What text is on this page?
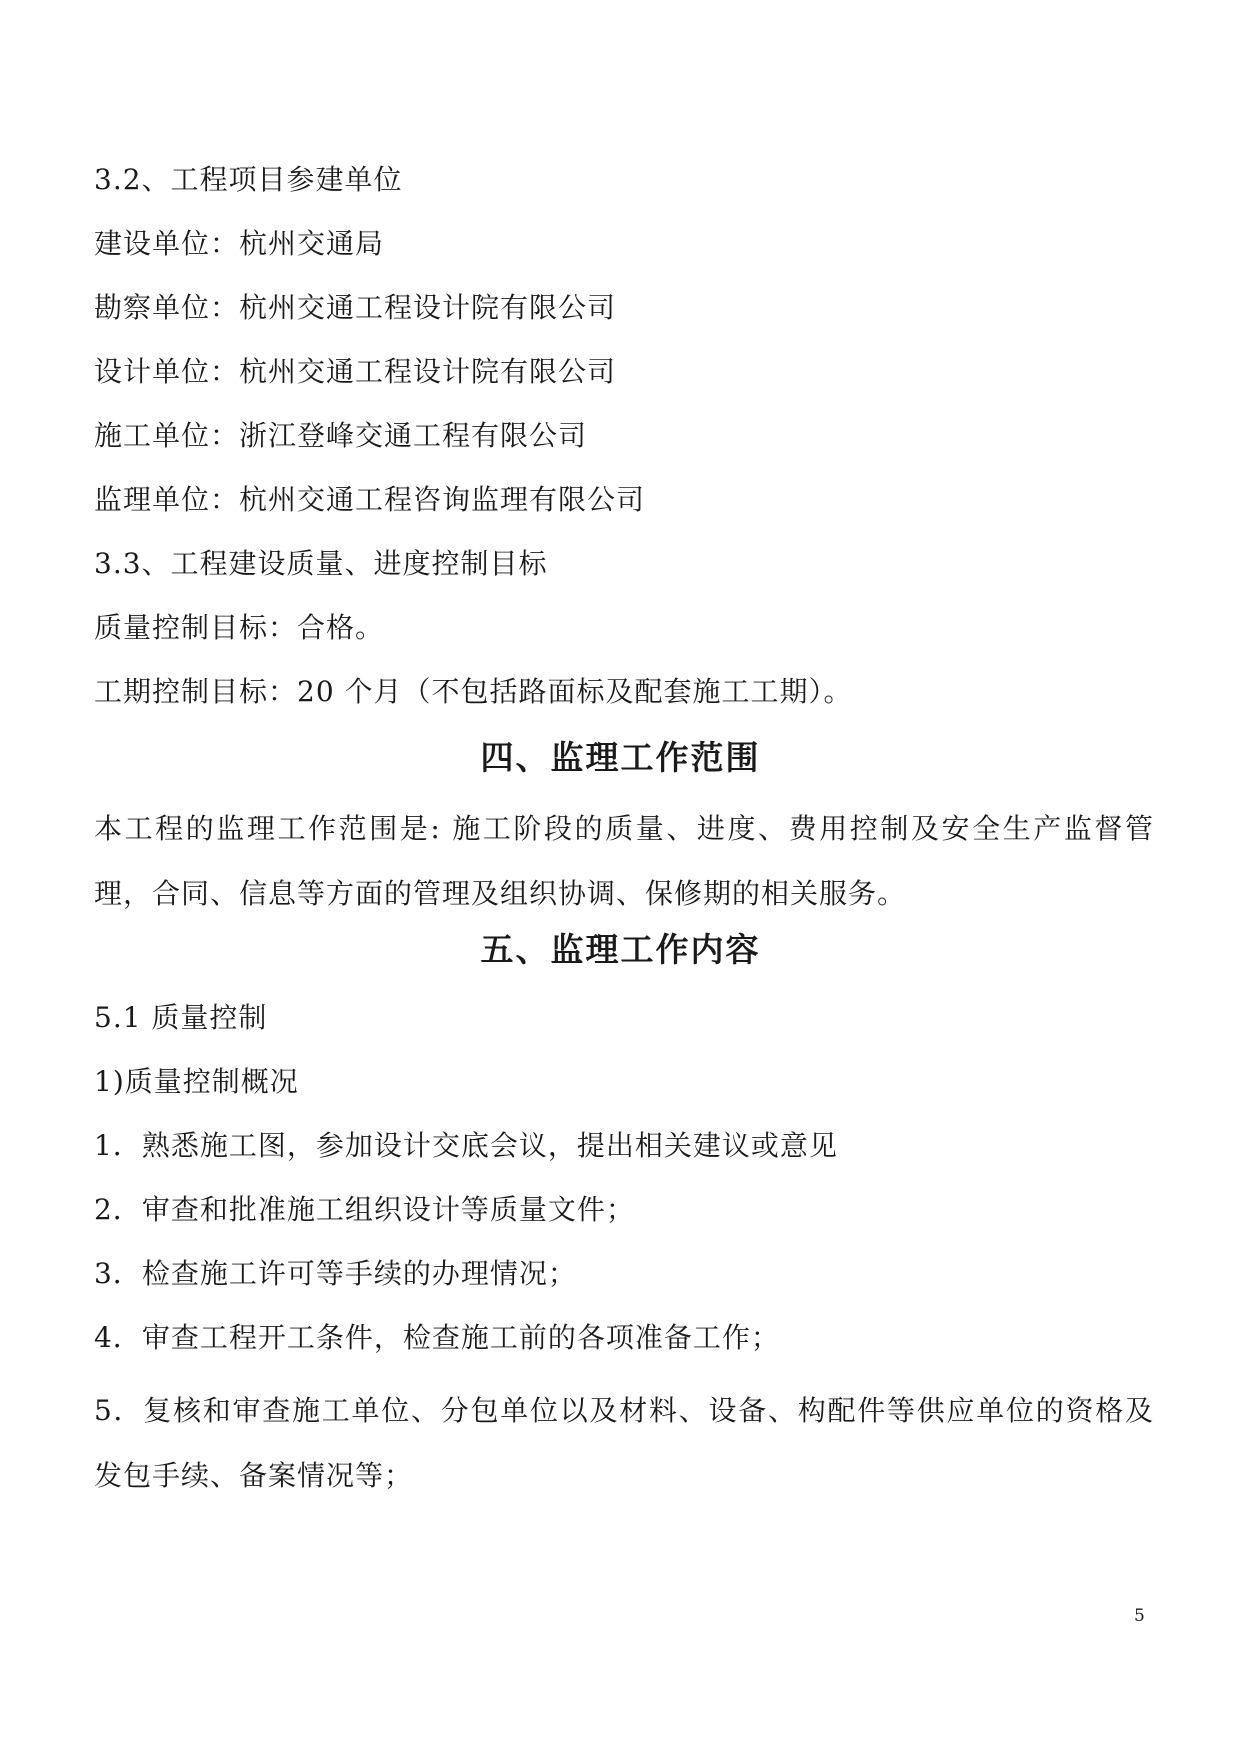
3.2、工程项目参建单位
建设单位：杭州交通局
勘察单位：杭州交通工程设计院有限公司
设计单位：杭州交通工程设计院有限公司
施工单位：浙江登峰交通工程有限公司
监理单位：杭州交通工程咨询监理有限公司
3.3、工程建设质量、进度控制目标
质量控制目标：合格。
工期控制目标：20 个月（不包括路面标及配套施工工期）。
四、监理工作范围
本工程的监理工作范围是: 施工阶段的质量、进度、费用控制及安全生产监督管理，合同、信息等方面的管理及组织协调、保修期的相关服务。
五、监理工作内容
5.1 质量控制
1)质量控制概况
1．熟悉施工图，参加设计交底会议，提出相关建议或意见
2．审查和批准施工组织设计等质量文件；
3．检查施工许可等手续的办理情况；
4．审查工程开工条件，检查施工前的各项准备工作；
5．复核和审查施工单位、分包单位以及材料、设备、构配件等供应单位的资格及发包手续、备案情况等；
5
